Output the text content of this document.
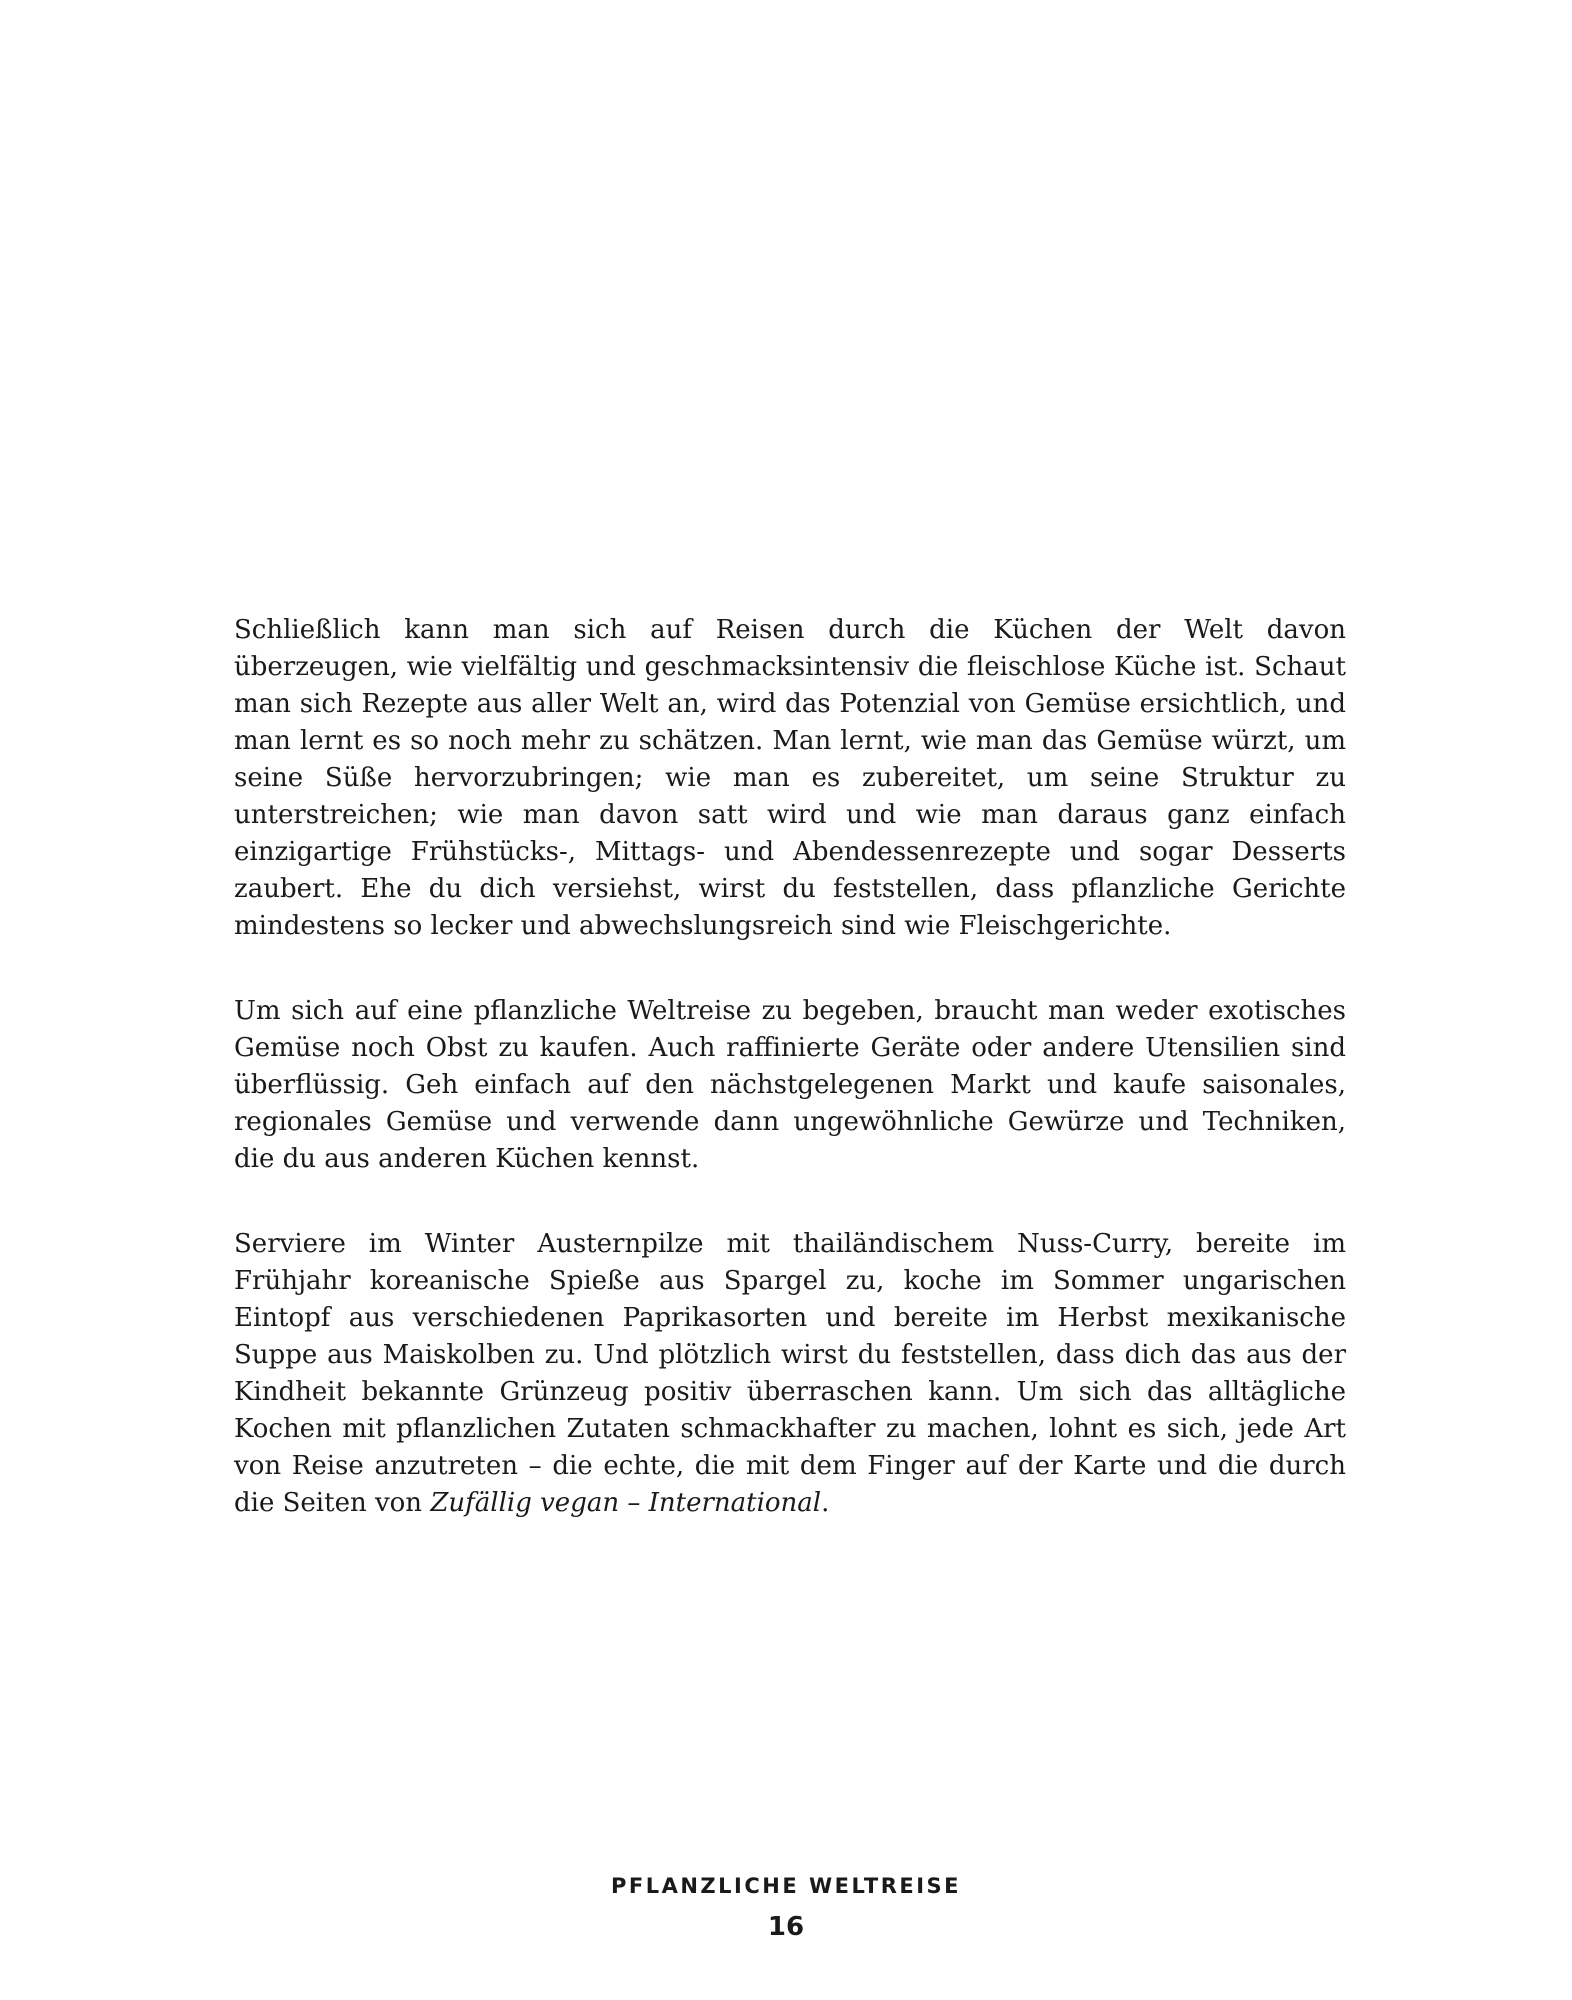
Schließlich kann man sich auf Reisen durch die Küchen der Welt davon überzeugen, wie vielfältig und geschmacksintensiv die fleischlose Küche ist. Schaut man sich Rezepte aus aller Welt an, wird das Potenzial von Gemüse ersichtlich, und man lernt es so noch mehr zu schätzen. Man lernt, wie man das Gemüse würzt, um seine Süße hervorzubringen; wie man es zubereitet, um seine Struktur zu unterstreichen; wie man davon satt wird und wie man daraus ganz einfach einzigartige Frühstücks-, Mittags- und Abendessenrezepte und sogar Desserts zaubert. Ehe du dich versiehst, wirst du feststellen, dass pflanzliche Gerichte mindestens so lecker und abwechslungsreich sind wie Fleischgerichte.

Um sich auf eine pflanzliche Weltreise zu begeben, braucht man weder exotisches Gemüse noch Obst zu kaufen. Auch raffinierte Geräte oder andere Utensilien sind überflüssig. Geh einfach auf den nächstgelegenen Markt und kaufe saisonales, regionales Gemüse und verwende dann ungewöhnliche Gewürze und Techniken, die du aus anderen Küchen kennst.

Serviere im Winter Austernpilze mit thailändischem Nuss-Curry, bereite im Frühjahr koreanische Spieße aus Spargel zu, koche im Sommer ungarischen Eintopf aus verschiedenen Paprikasorten und bereite im Herbst mexikanische Suppe aus Maiskolben zu. Und plötzlich wirst du feststellen, dass dich das aus der Kindheit bekannte Grünzeug positiv überraschen kann. Um sich das alltägliche Kochen mit pflanzlichen Zutaten schmackhafter zu machen, lohnt es sich, jede Art von Reise anzutreten – die echte, die mit dem Finger auf der Karte und die durch die Seiten von Zufällig vegan – International.

PFLANZLICHE WELTREISE
16
